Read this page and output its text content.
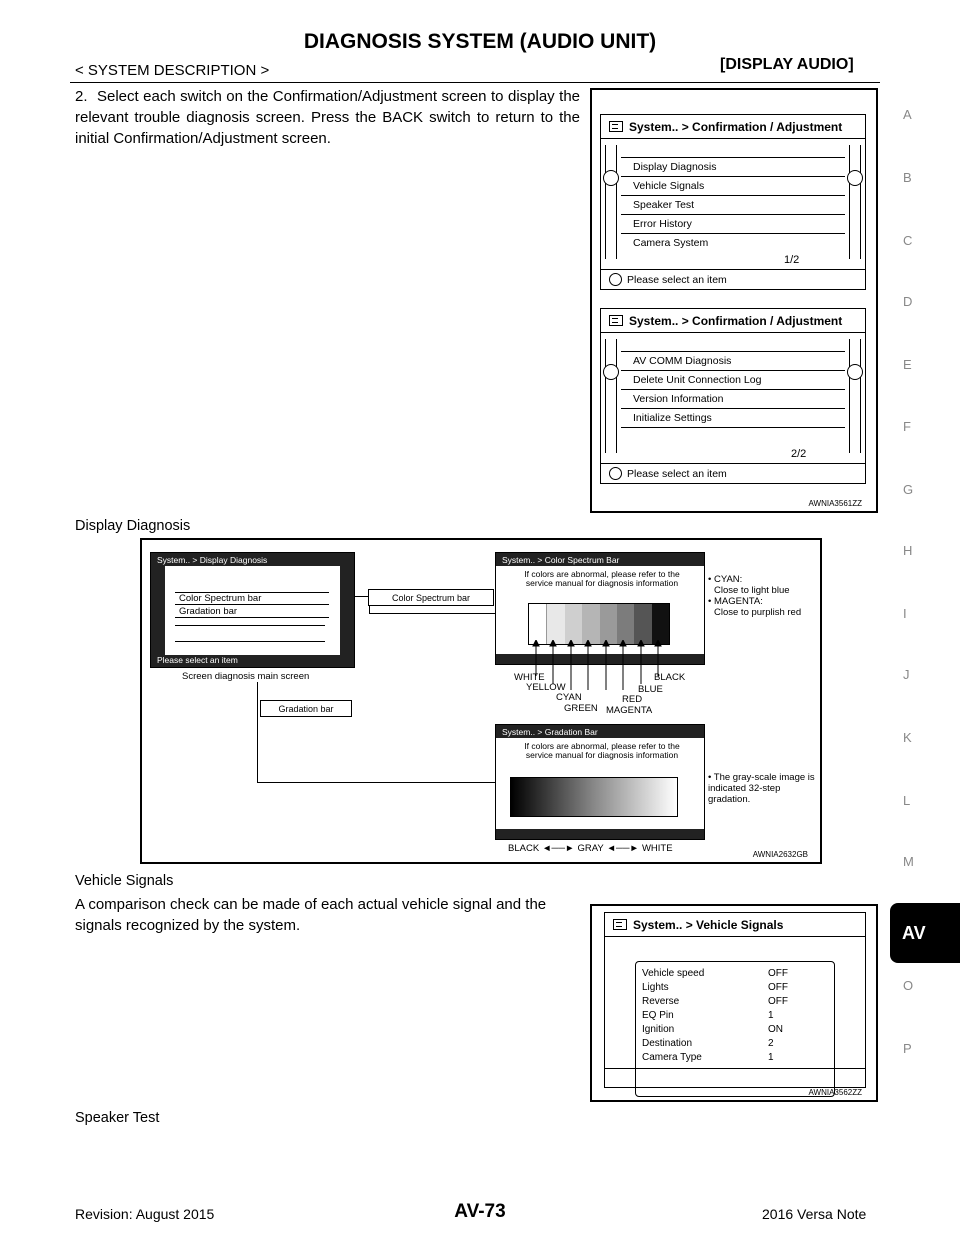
DIAGNOSIS SYSTEM (AUDIO UNIT)
< SYSTEM DESCRIPTION >	[DISPLAY AUDIO]
2. Select each switch on the Confirmation/Adjustment screen to display the relevant trouble diagnosis screen. Press the BACK switch to return to the initial Confirmation/Adjustment screen.
System.. > Confirmation / Adjustment
Display Diagnosis
Vehicle Signals
Speaker Test
Error History
Camera System
1/2
Please select an item
System.. > Confirmation / Adjustment
AV COMM Diagnosis
Delete Unit Connection Log
Version Information
Initialize Settings
2/2
Please select an item
AWNIA3561ZZ
Display Diagnosis
System.. > Display Diagnosis
Color Spectrum bar
Gradation bar
Please select an item
Screen diagnosis main screen
Color Spectrum bar
Gradation bar
System.. > Color Spectrum Bar
If colors are abnormal, please refer to the service manual for diagnosis information
WHITE
YELLOW
CYAN
GREEN
BLACK
BLUE
RED
MAGENTA
• CYAN:
Close to light blue
• MAGENTA:
Close to purplish red
System.. > Gradation Bar
If colors are abnormal, please refer to the service manual for diagnosis information
BLACK ◄──► GRAY ◄──► WHITE
• The gray-scale image is indicated 32-step gradation.
AWNIA2632GB
Vehicle Signals
A comparison check can be made of each actual vehicle signal and the signals recognized by the system.	System.. > Vehicle Signals
Vehicle speed	OFF
Lights	OFF
Reverse	OFF
EQ Pin	1
Ignition	ON
Destination	2
Camera Type	1
AWNIA3562ZZ
Speaker Test
A
B
C
D
E
F
G
H
I
J
K
L
M
AV
O
P
Revision: August 2015	AV-73	2016 Versa Note
